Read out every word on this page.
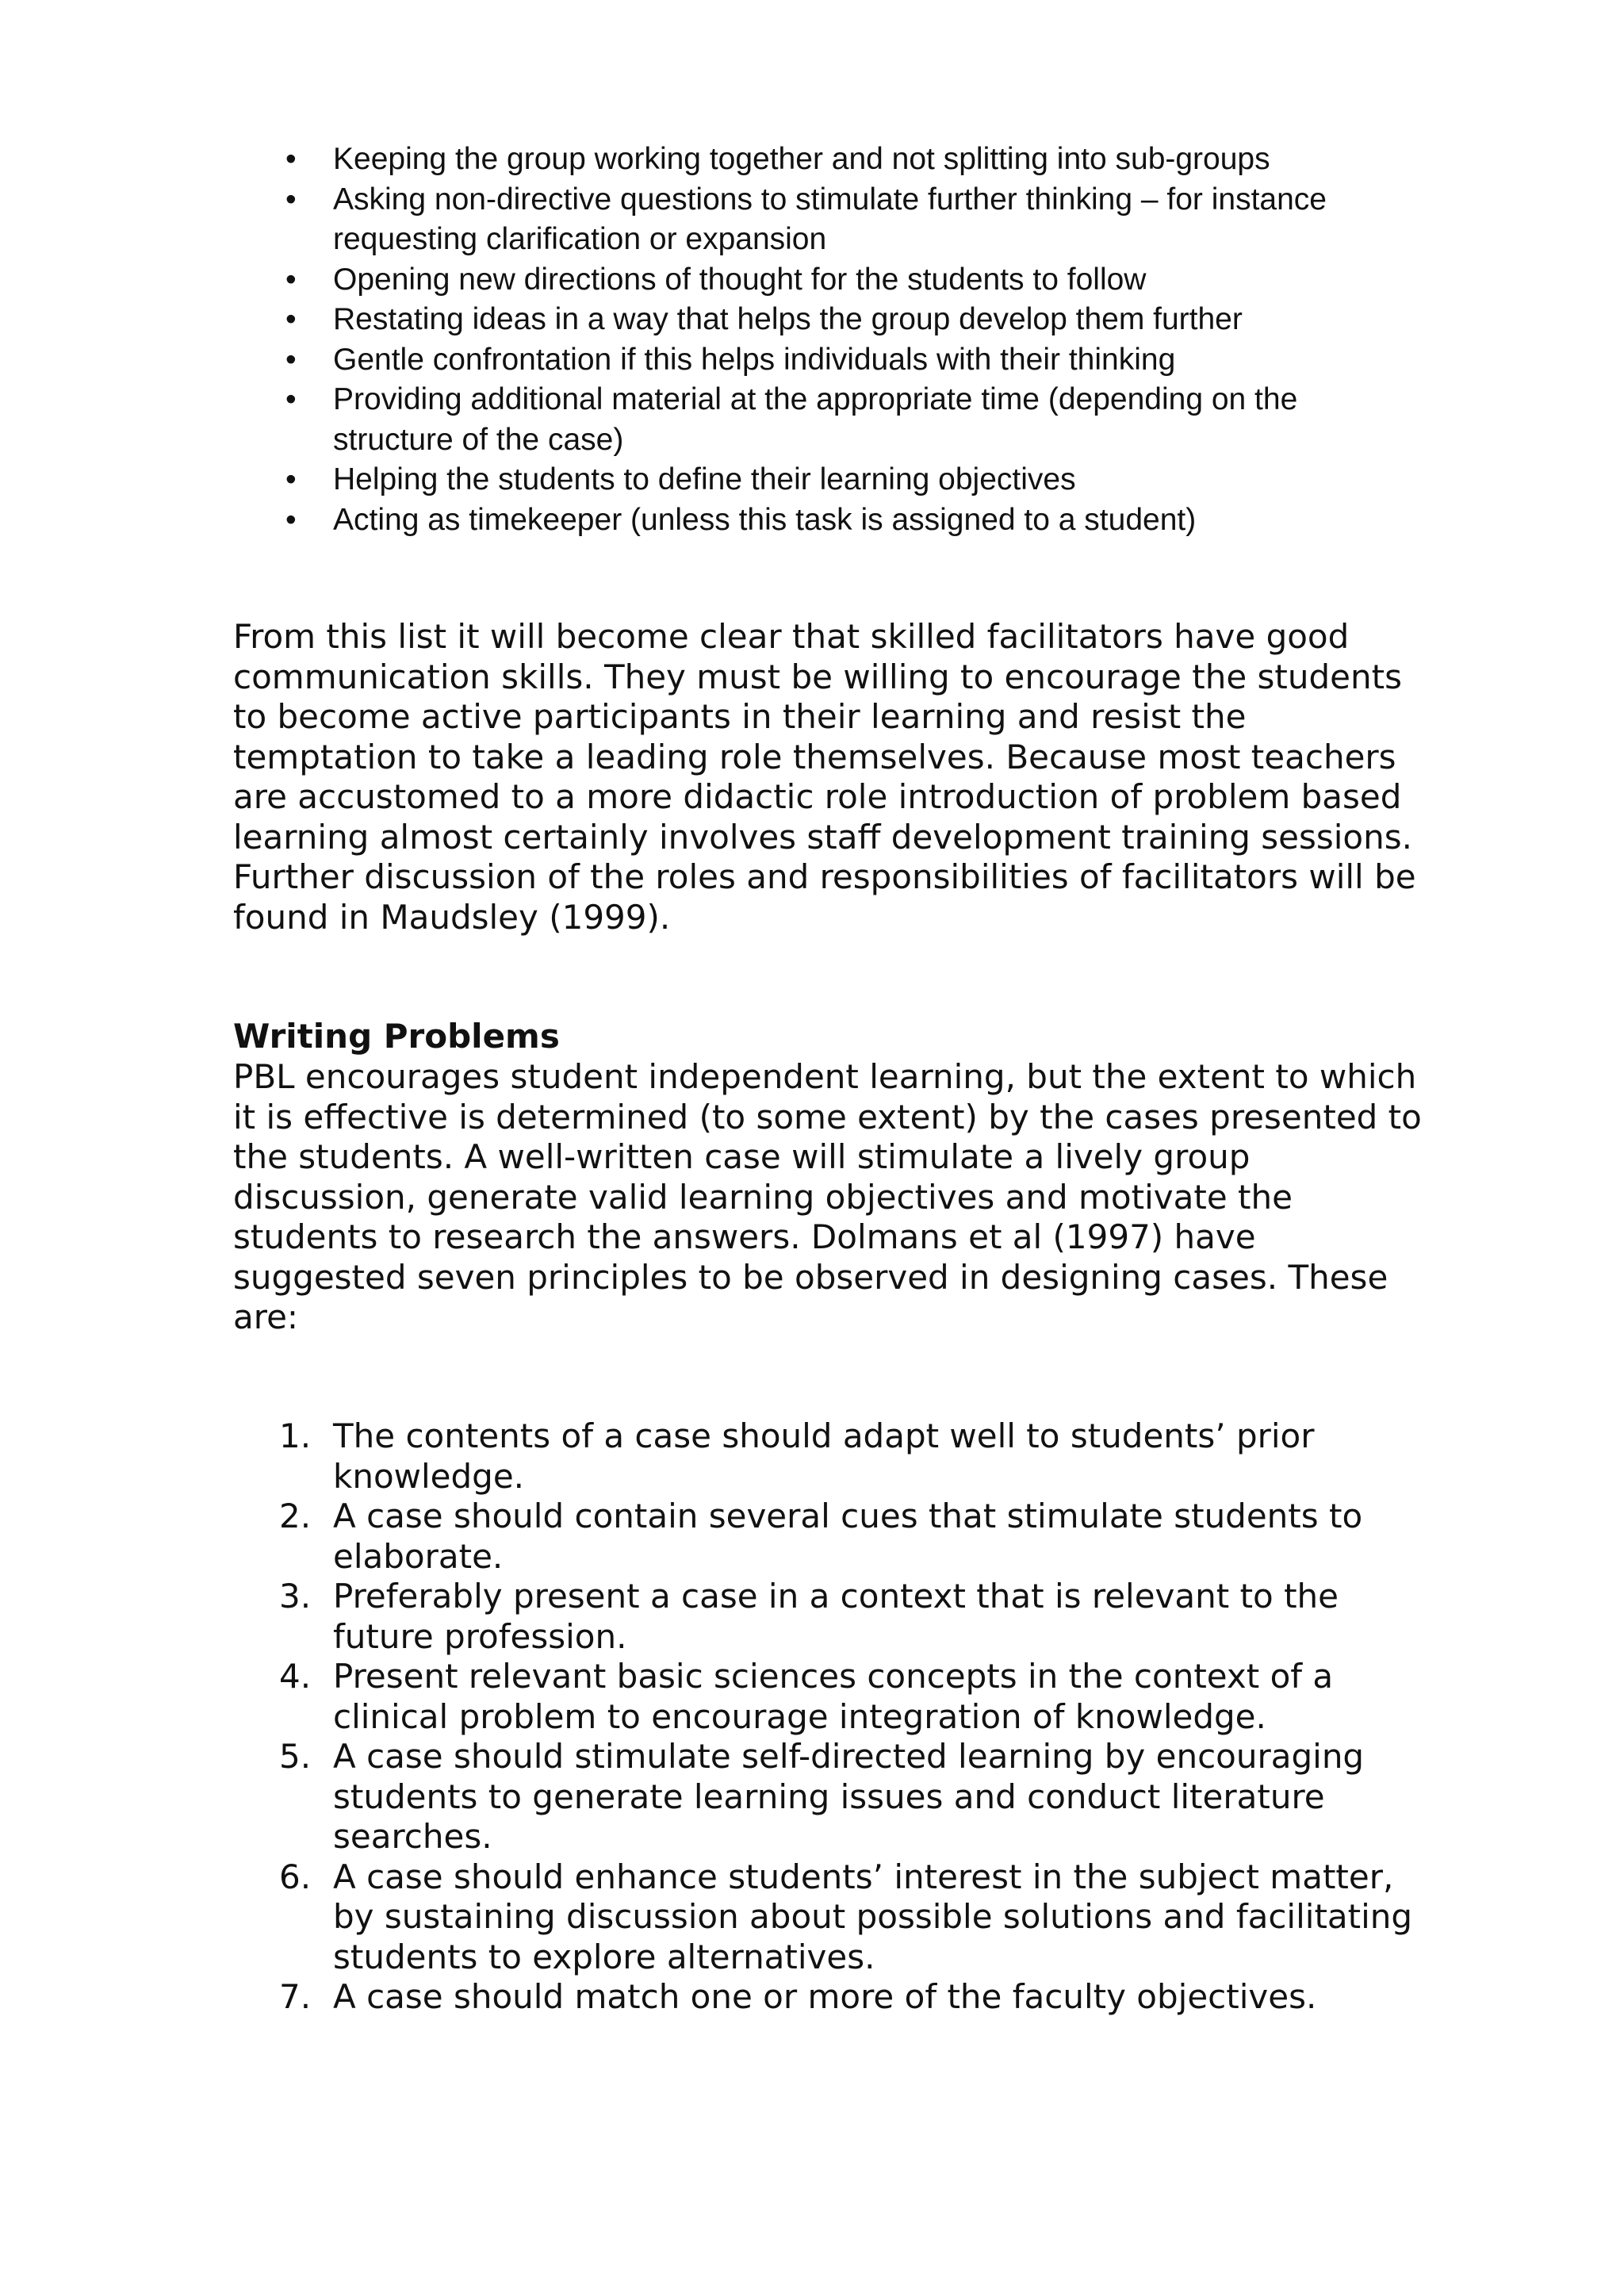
• Keeping the group working together and not splitting into sub-groups
• Asking non-directive questions to stimulate further thinking – for instance requesting clarification or expansion
• Opening new directions of thought for the students to follow
• Restating ideas in a way that helps the group develop them further
• Gentle confrontation if this helps individuals with their thinking
• Providing additional material at the appropriate time (depending on the structure of the case)
• Helping the students to define their learning objectives
• Acting as timekeeper (unless this task is assigned to a student)

From this list it will become clear that skilled facilitators have good communication skills. They must be willing to encourage the students to become active participants in their learning and resist the temptation to take a leading role themselves. Because most teachers are accustomed to a more didactic role introduction of problem based learning almost certainly involves staff development training sessions. Further discussion of the roles and responsibilities of facilitators will be found in Maudsley (1999).

Writing Problems

PBL encourages student independent learning, but the extent to which it is effective is determined (to some extent) by the cases presented to the students. A well-written case will stimulate a lively group discussion, generate valid learning objectives and motivate the students to research the answers. Dolmans et al (1997) have suggested seven principles to be observed in designing cases. These are:

1. The contents of a case should adapt well to students’ prior knowledge.
2. A case should contain several cues that stimulate students to elaborate.
3. Preferably present a case in a context that is relevant to the future profession.
4. Present relevant basic sciences concepts in the context of a clinical problem to encourage integration of knowledge.
5. A case should stimulate self-directed learning by encouraging students to generate learning issues and conduct literature searches.
6. A case should enhance students’ interest in the subject matter, by sustaining discussion about possible solutions and facilitating students to explore alternatives.
7. A case should match one or more of the faculty objectives.
